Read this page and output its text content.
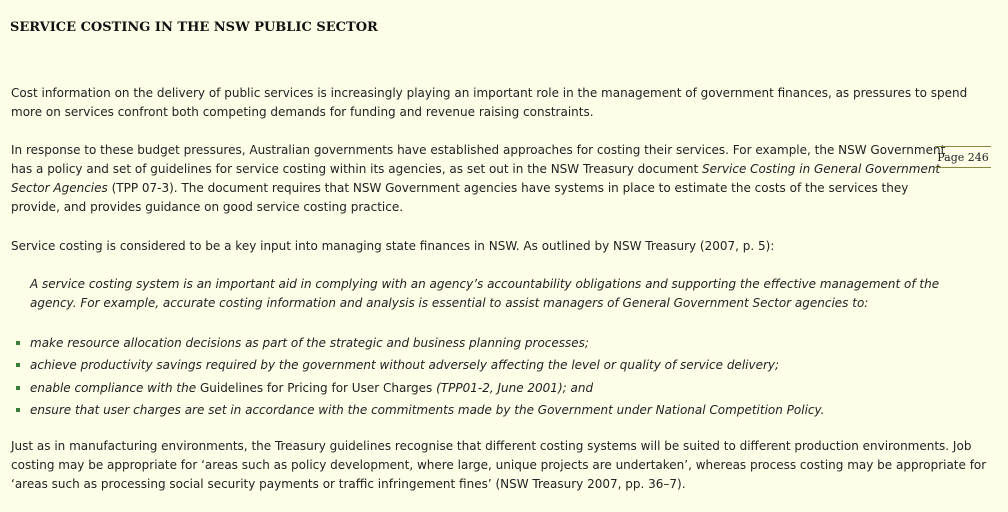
SERVICE COSTING IN THE NSW PUBLIC SECTOR

Cost information on the delivery of public services is increasingly playing an important role in the management of government finances, as pressures to spend more on services confront both competing demands for funding and revenue raising constraints.

In response to these budget pressures, Australian governments have established approaches for costing their services. For example, the NSW Government has a policy and set of guidelines for service costing within its agencies, as set out in the NSW Treasury document Service Costing in General Government Sector Agencies (TPP 07-3). The document requires that NSW Government agencies have systems in place to estimate the costs of the services they provide, and provides guidance on good service costing practice.

Page 246

Service costing is considered to be a key input into managing state finances in NSW. As outlined by NSW Treasury (2007, p. 5):

A service costing system is an important aid in complying with an agency’s accountability obligations and supporting the effective management of the agency. For example, accurate costing information and analysis is essential to assist managers of General Government Sector agencies to:

make resource allocation decisions as part of the strategic and business planning processes;
achieve productivity savings required by the government without adversely affecting the level or quality of service delivery;
enable compliance with the Guidelines for Pricing for User Charges (TPP01-2, June 2001); and
ensure that user charges are set in accordance with the commitments made by the Government under National Competition Policy.

Just as in manufacturing environments, the Treasury guidelines recognise that different costing systems will be suited to different production environments. Job costing may be appropriate for ‘areas such as policy development, where large, unique projects are undertaken’, whereas process costing may be appropriate for ‘areas such as processing social security payments or traffic infringement fines’ (NSW Treasury 2007, pp. 36–7).
